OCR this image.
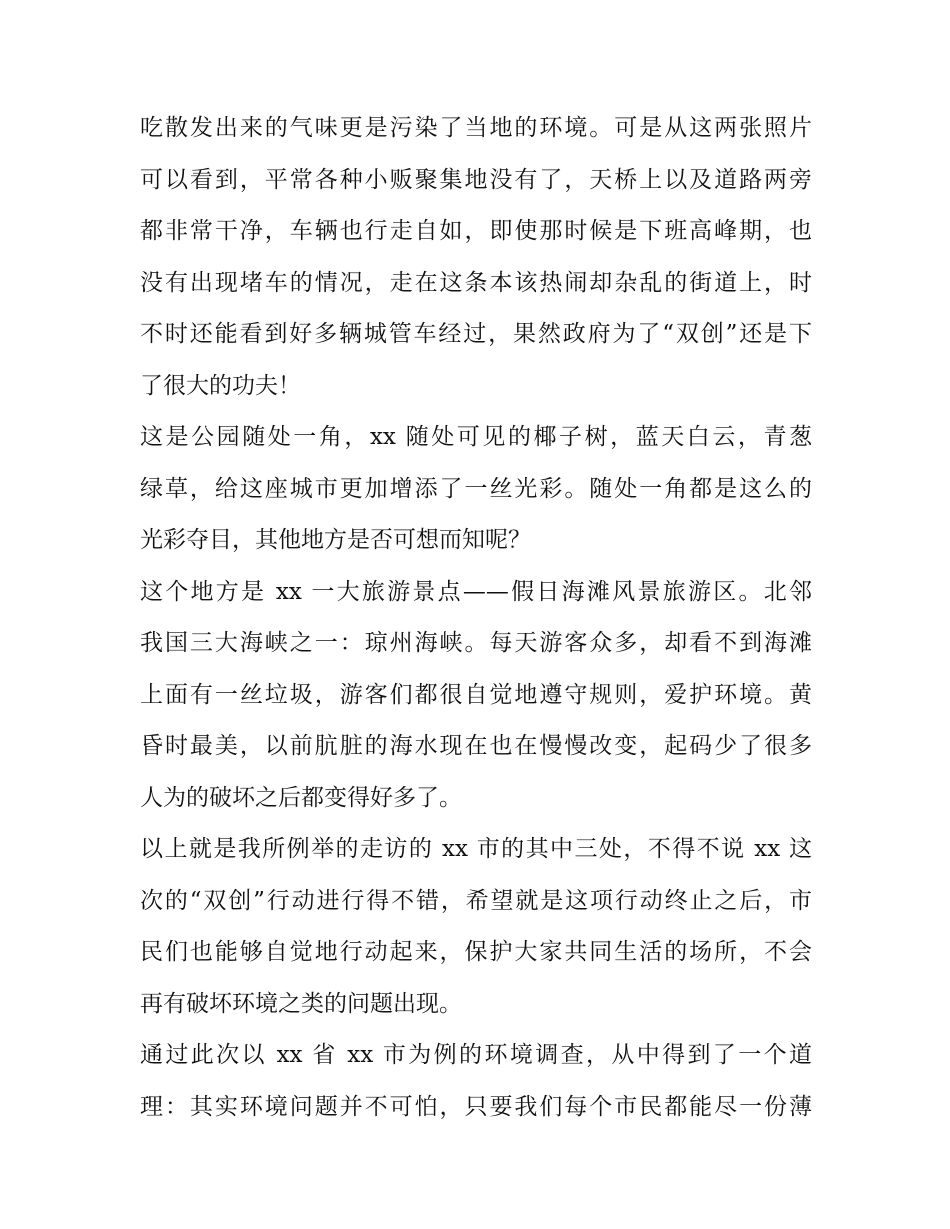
吃散发出来的气味更是污染了当地的环境。可是从这两张照片
可以看到，平常各种小贩聚集地没有了，天桥上以及道路两旁
都非常干净，车辆也行走自如，即使那时候是下班高峰期，也
没有出现堵车的情况，走在这条本该热闹却杂乱的街道上，时
不时还能看到好多辆城管车经过，果然政府为了“双创”还是下
了很大的功夫！
这是公园随处一角，xx 随处可见的椰子树，蓝天白云，青葱
绿草，给这座城市更加增添了一丝光彩。随处一角都是这么的
光彩夺目，其他地方是否可想而知呢？
这个地方是 xx 一大旅游景点——假日海滩风景旅游区。北邻
我国三大海峡之一：琼州海峡。每天游客众多，却看不到海滩
上面有一丝垃圾，游客们都很自觉地遵守规则，爱护环境。黄
昏时最美，以前肮脏的海水现在也在慢慢改变，起码少了很多
人为的破坏之后都变得好多了。
以上就是我所例举的走访的 xx 市的其中三处，不得不说 xx 这
次的“双创”行动进行得不错，希望就是这项行动终止之后，市
民们也能够自觉地行动起来，保护大家共同生活的场所，不会
再有破坏环境之类的问题出现。
通过此次以 xx 省 xx 市为例的环境调查，从中得到了一个道
理：其实环境问题并不可怕，只要我们每个市民都能尽一份薄
